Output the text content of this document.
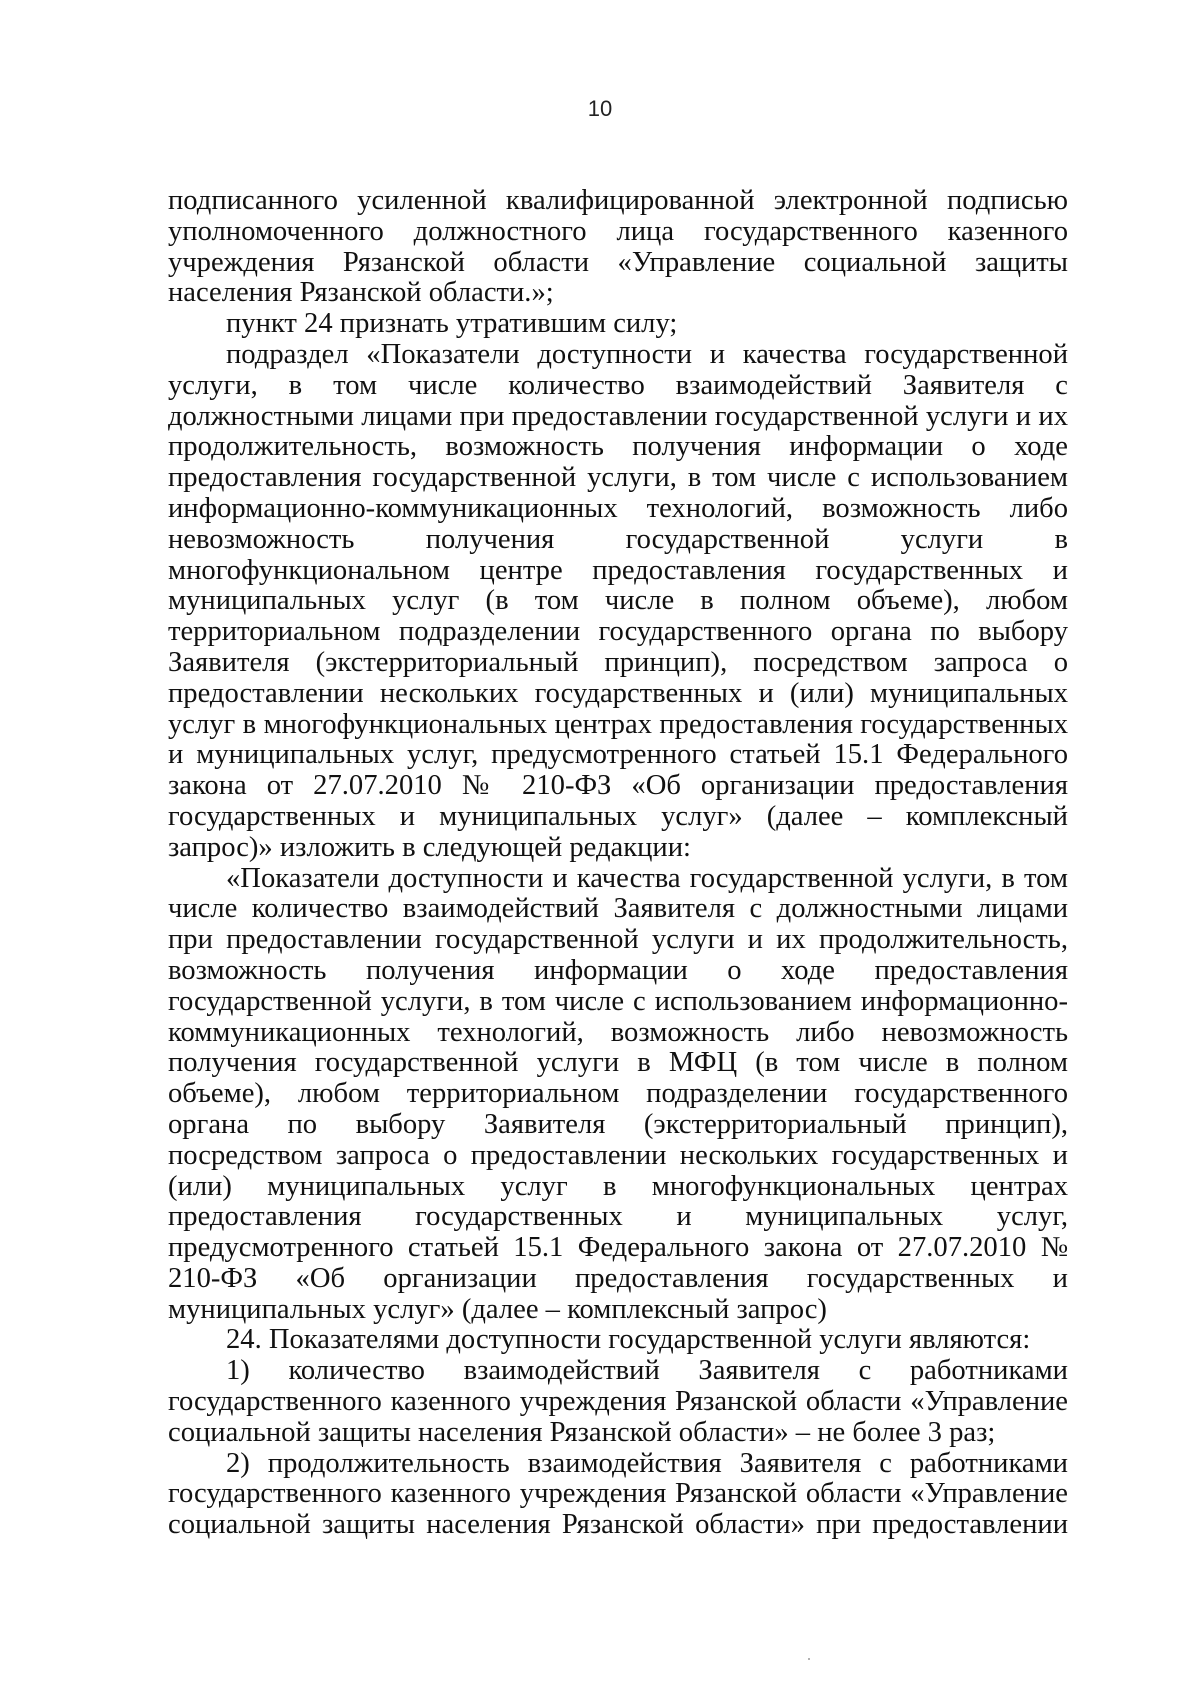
10

подписанного усиленной квалифицированной электронной подписью уполномоченного должностного лица государственного казенного учреждения Рязанской области «Управление социальной защиты населения Рязанской области.»;

пункт 24 признать утратившим силу;

подраздел «Показатели доступности и качества государственной услуги, в том числе количество взаимодействий Заявителя с должностными лицами при предоставлении государственной услуги и их продолжительность, возможность получения информации о ходе предоставления государственной услуги, в том числе с использованием информационно-коммуникационных технологий, возможность либо невозможность получения государственной услуги в многофункциональном центре предоставления государственных и муниципальных услуг (в том числе в полном объеме), любом территориальном подразделении государственного органа по выбору Заявителя (экстерриториальный принцип), посредством запроса о предоставлении нескольких государственных и (или) муниципальных услуг в многофункциональных центрах предоставления государственных и муниципальных услуг, предусмотренного статьей 15.1 Федерального закона от 27.07.2010 № 210-ФЗ «Об организации предоставления государственных и муниципальных услуг» (далее – комплексный запрос)» изложить в следующей редакции:

«Показатели доступности и качества государственной услуги, в том числе количество взаимодействий Заявителя с должностными лицами при предоставлении государственной услуги и их продолжительность, возможность получения информации о ходе предоставления государственной услуги, в том числе с использованием информационно-коммуникационных технологий, возможность либо невозможность получения государственной услуги в МФЦ (в том числе в полном объеме), любом территориальном подразделении государственного органа по выбору Заявителя (экстерриториальный принцип), посредством запроса о предоставлении нескольких государственных и (или) муниципальных услуг в многофункциональных центрах предоставления государственных и муниципальных услуг, предусмотренного статьей 15.1 Федерального закона от 27.07.2010 № 210-ФЗ «Об организации предоставления государственных и муниципальных услуг» (далее – комплексный запрос)

24. Показателями доступности государственной услуги являются:

1) количество взаимодействий Заявителя с работниками государственного казенного учреждения Рязанской области «Управление социальной защиты населения Рязанской области» – не более 3 раз;

2) продолжительность взаимодействия Заявителя с работниками государственного казенного учреждения Рязанской области «Управление социальной защиты населения Рязанской области» при предоставлении
